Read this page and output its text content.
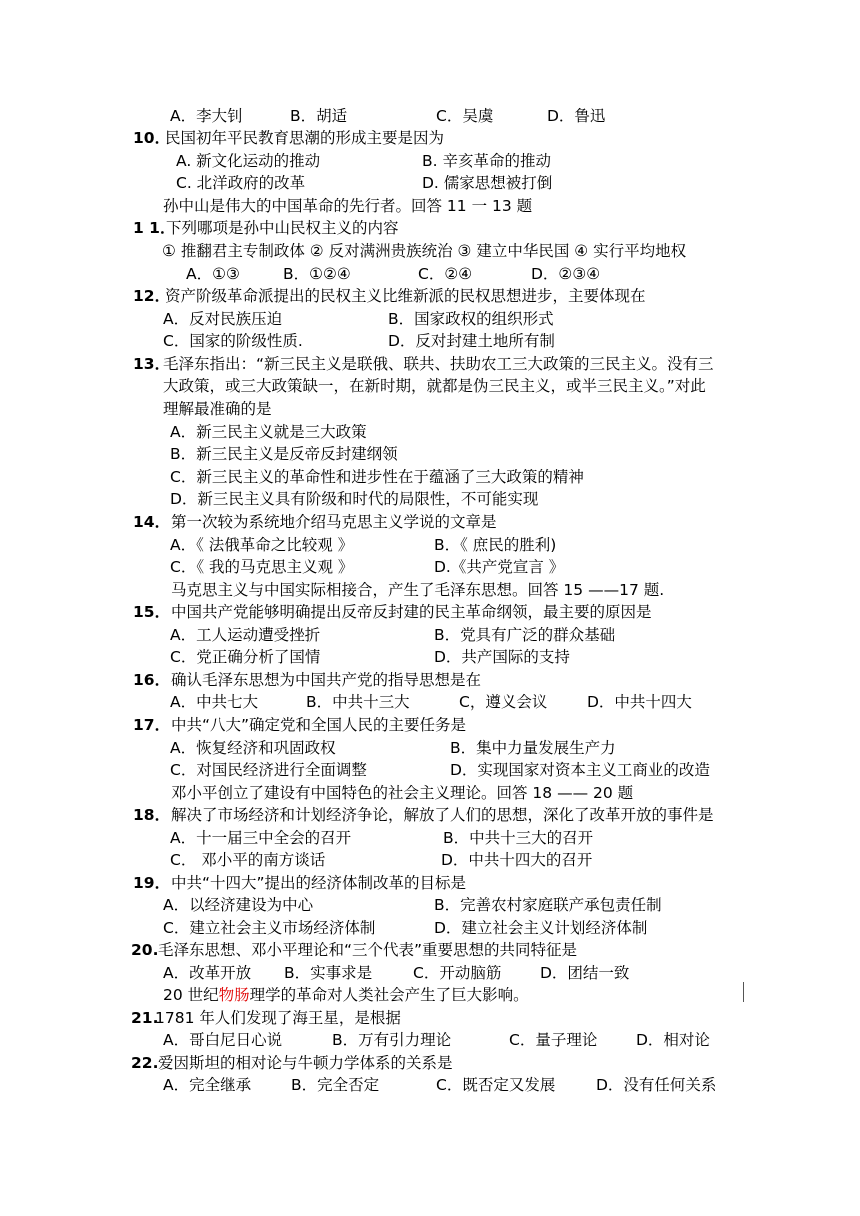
A．李大钊	B．胡适	C．吴虞	D．鲁迅
10．
民国初年平民教育思潮的形成主要是因为
A. 新文化运动的推动	B. 辛亥革命的推动
C. 北洋政府的改革	D. 儒家思想被打倒
孙中山是伟大的中国革命的先行者。回答 11 一 13 题
1 1．
下列哪项是孙中山民权主义的内容
① 推翻君主专制政体 ② 反对满洲贵族统治 ③ 建立中华民国 ④ 实行平均地权
A．①③	B．①②④	C．②④	D．②③④
12．
资产阶级革命派提出的民权主义比维新派的民权思想进步，主要体现在
A．反对民族压迫	B．国家政权的组织形式
C．国家的阶级性质.	D．反对封建土地所有制
13．
毛泽东指出：“新三民主义是联俄、联共、扶助农工三大政策的三民主义。没有三
大政策，或三大政策缺一，在新时期，就都是伪三民主义，或半三民主义。”对此
理解最准确的是
A．新三民主义就是三大政策
B．新三民主义是反帝反封建纲领
C．新三民主义的革命性和进步性在于蕴涵了三大政策的精神
D．新三民主义具有阶级和时代的局限性，不可能实现
14． 第一次较为系统地介绍马克思主义学说的文章是
A．《 法俄革命之比较观 》	B．《 庶民的胜利)
C．《 我的马克思主义观 》	D.《共产党宣言 》
马克思主义与中国实际相接合，产生了毛泽东思想。回答 15 ——17 题.
15． 中国共产党能够明确提出反帝反封建的民主革命纲领，最主要的原因是
A．工人运动遭受挫折	B．党具有广泛的群众基础
C．党正确分析了国情	D．共产国际的支持
16． 确认毛泽东思想为中国共产党的指导思想是在
A．中共七大	B．中共十三大	C，遵义会议	D．中共十四大
17． 中共“八大”确定党和全国人民的主要任务是
A．恢复经济和巩固政权	B．集中力量发展生产力
C．对国民经济进行全面调整	D．实现国家对资本主义工商业的改造
邓小平创立了建设有中国特色的社会主义理论。回答 18 —— 20 题
18． 解决了市场经济和计划经济争论，解放了人们的思想，深化了改革开放的事件是
A．十一届三中全会的召开	B．中共十三大的召开
C． 邓小平的南方谈话	D．中共十四大的召开
19． 中共“十四大”提出的经济体制改革的目标是
A．以经济建设为中心	B．完善农村家庭联产承包责任制
C．建立社会主义市场经济体制	D．建立社会主义计划经济体制
20. 毛泽东思想、邓小平理论和“三个代表”重要思想的共同特征是
A．改革开放 B．实事求是	C．开动脑筋 D．团结一致
20 世纪物肠理学的革命对人类社会产生了巨大影响。
21.
1781 年人们发现了海王星，是根据
A．哥白尼日心说	B．万有引力理论	C．量子理论 D．相对论
22. 爱因斯坦的相对论与牛顿力学体系的关系是
A．完全继承	B．完全否定	C．既否定又发展	D．没有任何关系
